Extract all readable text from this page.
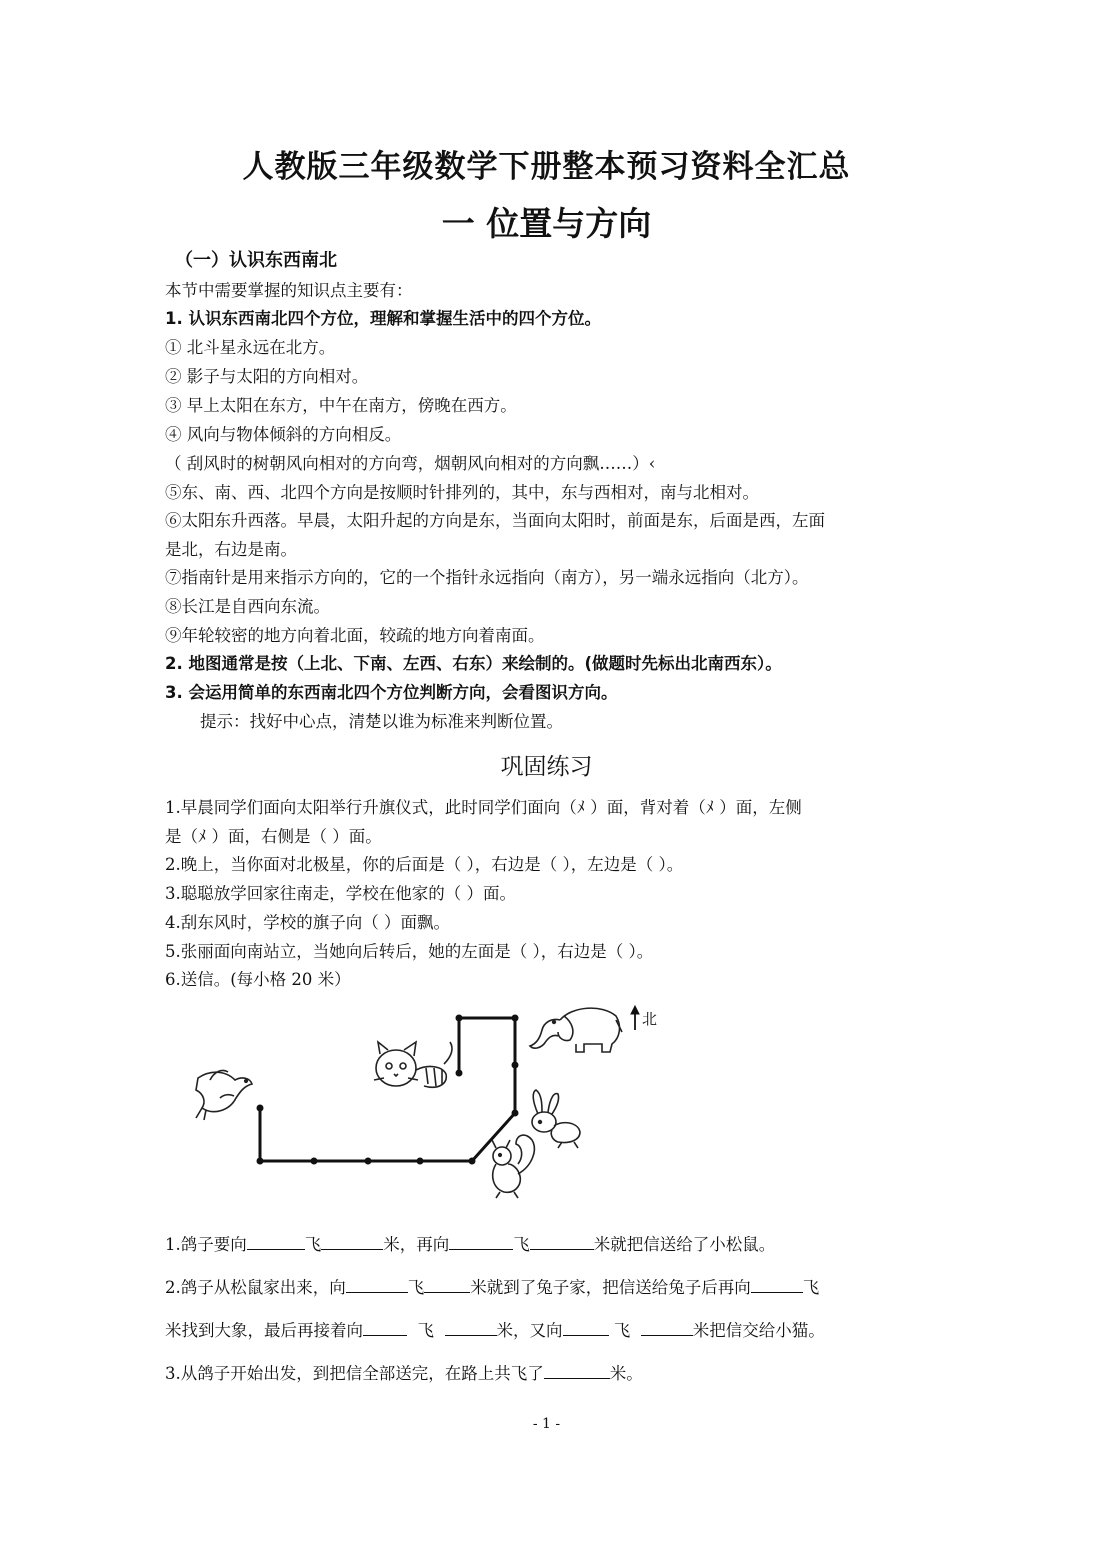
人教版三年级数学下册整本预习资料全汇总
一 位置与方向
（一）认识东西南北
本节中需要掌握的知识点主要有：
1. 认识东西南北四个方位，理解和掌握生活中的四个方位。
① 北斗星永远在北方。
② 影子与太阳的方向相对。
③ 早上太阳在东方，中午在南方，傍晚在西方。
④ 风向与物体倾斜的方向相反。
（ 刮风时的树朝风向相对的方向弯，烟朝风向相对的方向飘……）‹
⑤东、南、西、北四个方向是按顺时针排列的，其中，东与西相对，南与北相对。
⑥太阳东升西落。早晨，太阳升起的方向是东，当面向太阳时，前面是东，后面是西，左面
是北，右边是南。
⑦指南针是用来指示方向的，它的一个指针永远指向（南方），另一端永远指向（北方）。
⑧长江是自西向东流。
⑨年轮较密的地方向着北面，较疏的地方向着南面。
2. 地图通常是按（上北、下南、左西、右东）来绘制的。(做题时先标出北南西东）。
3. 会运用简单的东西南北四个方位判断方向，会看图识方向。
提示：找好中心点，清楚以谁为标准来判断位置。
巩固练习
1.早晨同学们面向太阳举行升旗仪式，此时同学们面向（ﾒ ）面，背对着（ﾒ ）面，左侧
是（ﾒ ）面，右侧是（ ）面。
2.晚上，当你面对北极星，你的后面是（ ），右边是（ ），左边是（ ）。
3.聪聪放学回家往南走，学校在他家的（ ）面。
4.刮东风时，学校的旗子向（ ）面飘。
5.张丽面向南站立，当她向后转后，她的左面是（ ），右边是（ ）。
6.送信。(每小格 20 米）
北
1.鸽子要向	飞	米，再向	飞	米就把信送给了小松鼠。
2.鸽子从松鼠家出来，向	飞	米就到了兔子家，把信送给兔子后再向	飞
米找到大象，最后再接着向	飞	米，又向	飞	米把信交给小猫。
3.从鸽子开始出发，到把信全部送完，在路上共飞了	米。
- 1 -
